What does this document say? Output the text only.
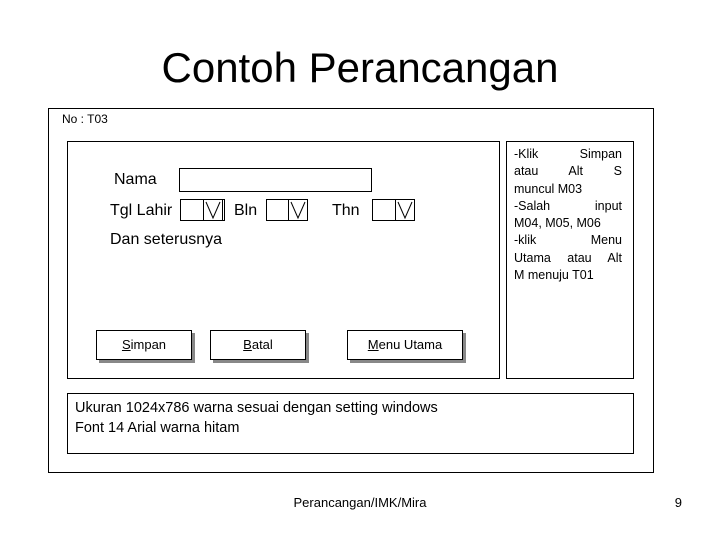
Contoh Perancangan
No : T03
Nama
Tgl Lahir	Bln	Thn
Dan seterusnya
Simpan	Batal	Menu Utama
-Klik Simpan
atau Alt S
muncul M03
-Salah input
M04, M05, M06
-klik Menu
Utama atau Alt
M menuju T01
Ukuran 1024x786 warna sesuai dengan setting windows
Font 14 Arial warna hitam
Perancangan/IMK/Mira	9
